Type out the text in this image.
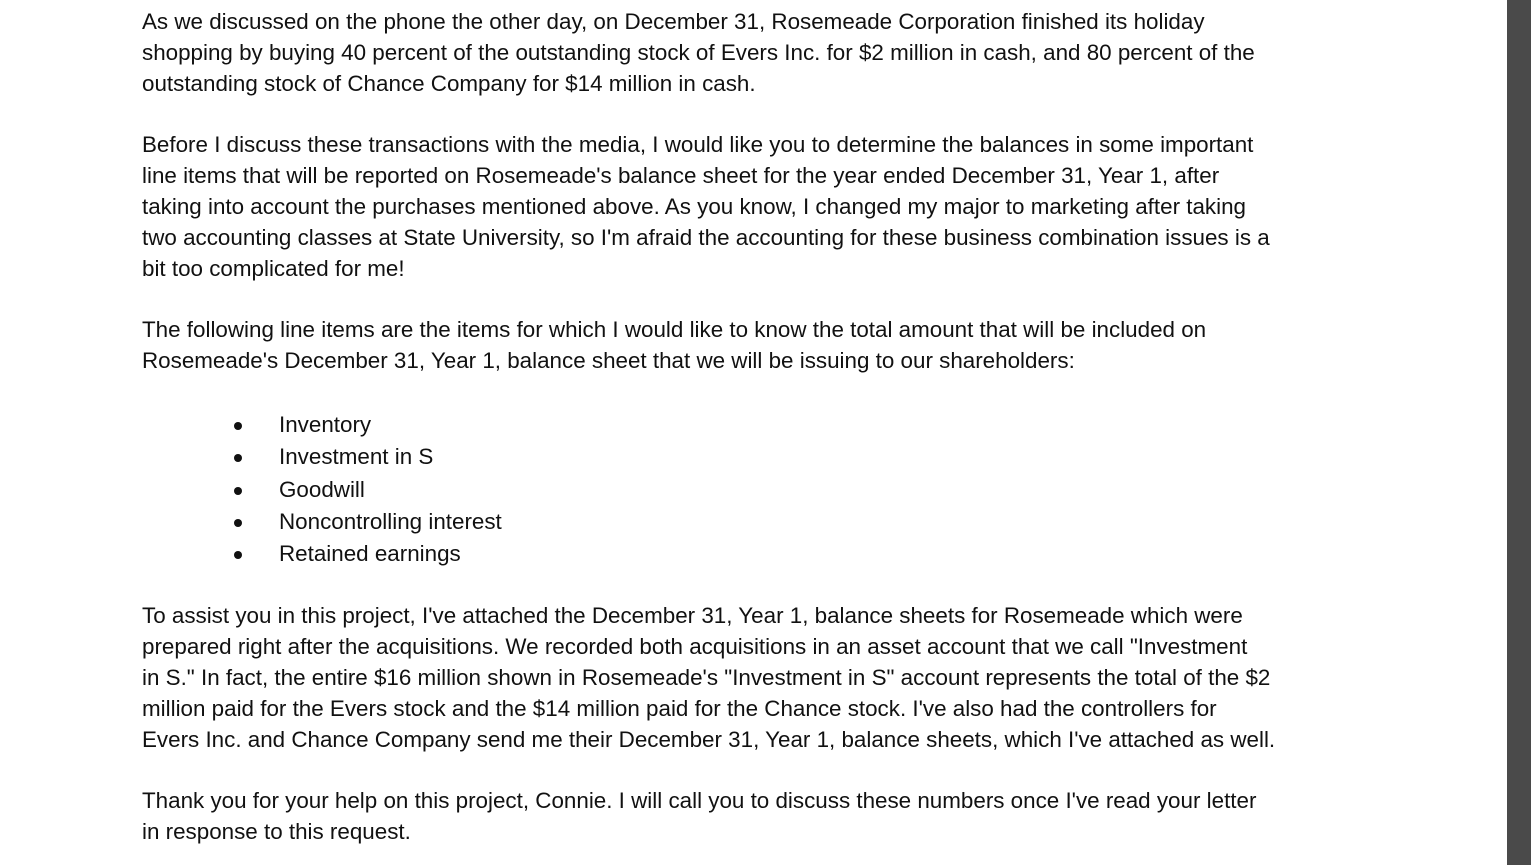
As we discussed on the phone the other day, on December 31, Rosemeade Corporation finished its holiday
shopping by buying 40 percent of the outstanding stock of Evers Inc. for $2 million in cash, and 80 percent of the
outstanding stock of Chance Company for $14 million in cash.

Before I discuss these transactions with the media, I would like you to determine the balances in some important
line items that will be reported on Rosemeade's balance sheet for the year ended December 31, Year 1, after
taking into account the purchases mentioned above. As you know, I changed my major to marketing after taking
two accounting classes at State University, so I'm afraid the accounting for these business combination issues is a
bit too complicated for me!

The following line items are the items for which I would like to know the total amount that will be included on
Rosemeade's December 31, Year 1, balance sheet that we will be issuing to our shareholders:

Inventory
Investment in S
Goodwill
Noncontrolling interest
Retained earnings

To assist you in this project, I've attached the December 31, Year 1, balance sheets for Rosemeade which were
prepared right after the acquisitions. We recorded both acquisitions in an asset account that we call "Investment
in S." In fact, the entire $16 million shown in Rosemeade's "Investment in S" account represents the total of the $2
million paid for the Evers stock and the $14 million paid for the Chance stock. I've also had the controllers for
Evers Inc. and Chance Company send me their December 31, Year 1, balance sheets, which I've attached as well.

Thank you for your help on this project, Connie. I will call you to discuss these numbers once I've read your letter
in response to this request.
